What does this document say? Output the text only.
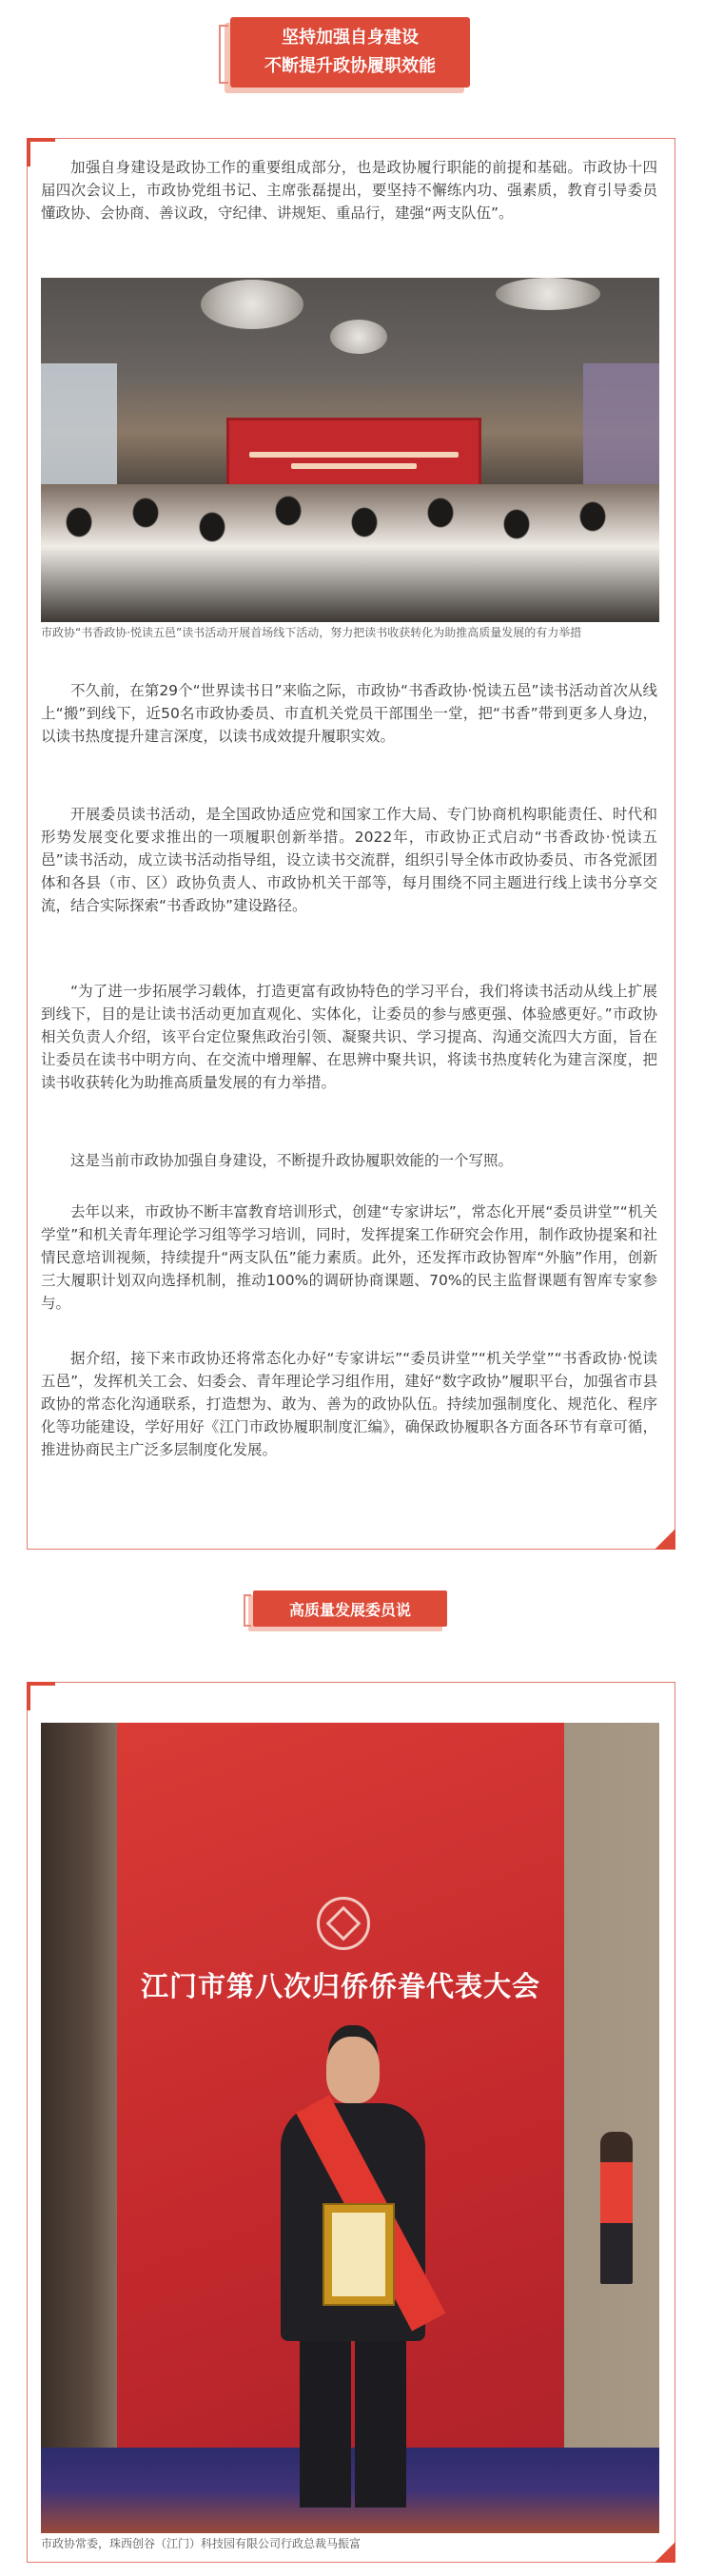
坚持加强自身建设
不断提升政协履职效能

加强自身建设是政协工作的重要组成部分，也是政协履行职能的前提和基础。市政协十四届四次会议上，市政协党组书记、主席张磊提出，要坚持不懈练内功、强素质，教育引导委员懂政协、会协商、善议政，守纪律、讲规矩、重品行，建强“两支队伍”。

市政协“书香政协·悦读五邑”读书活动开展首场线下活动，努力把读书收获转化为助推高质量发展的有力举措

不久前，在第29个“世界读书日”来临之际，市政协“书香政协·悦读五邑”读书活动首次从线上“搬”到线下，近50名市政协委员、市直机关党员干部围坐一堂，把“书香”带到更多人身边，以读书热度提升建言深度，以读书成效提升履职实效。

开展委员读书活动，是全国政协适应党和国家工作大局、专门协商机构职能责任、时代和形势发展变化要求推出的一项履职创新举措。2022年，市政协正式启动“书香政协·悦读五邑”读书活动，成立读书活动指导组，设立读书交流群，组织引导全体市政协委员、市各党派团体和各县（市、区）政协负责人、市政协机关干部等，每月围绕不同主题进行线上读书分享交流，结合实际探索“书香政协”建设路径。

“为了进一步拓展学习载体，打造更富有政协特色的学习平台，我们将读书活动从线上扩展到线下，目的是让读书活动更加直观化、实体化，让委员的参与感更强、体验感更好。”市政协相关负责人介绍，该平台定位聚焦政治引领、凝聚共识、学习提高、沟通交流四大方面，旨在让委员在读书中明方向、在交流中增理解、在思辨中聚共识，将读书热度转化为建言深度，把读书收获转化为助推高质量发展的有力举措。

这是当前市政协加强自身建设，不断提升政协履职效能的一个写照。

去年以来，市政协不断丰富教育培训形式，创建“专家讲坛”，常态化开展“委员讲堂”“机关学堂”和机关青年理论学习组等学习培训，同时，发挥提案工作研究会作用，制作政协提案和社情民意培训视频，持续提升“两支队伍”能力素质。此外，还发挥市政协智库“外脑”作用，创新三大履职计划双向选择机制，推动100%的调研协商课题、70%的民主监督课题有智库专家参与。

据介绍，接下来市政协还将常态化办好“专家讲坛”“委员讲堂”“机关学堂”“书香政协·悦读五邑”，发挥机关工会、妇委会、青年理论学习组作用，建好“数字政协”履职平台，加强省市县政协的常态化沟通联系，打造想为、敢为、善为的政协队伍。持续加强制度化、规范化、程序化等功能建设，学好用好《江门市政协履职制度汇编》，确保政协履职各方面各环节有章可循，推进协商民主广泛多层制度化发展。

高质量发展委员说
江门市第八次归侨侨眷代表大会

市政协常委，珠西创谷（江门）科技园有限公司行政总裁马振富
